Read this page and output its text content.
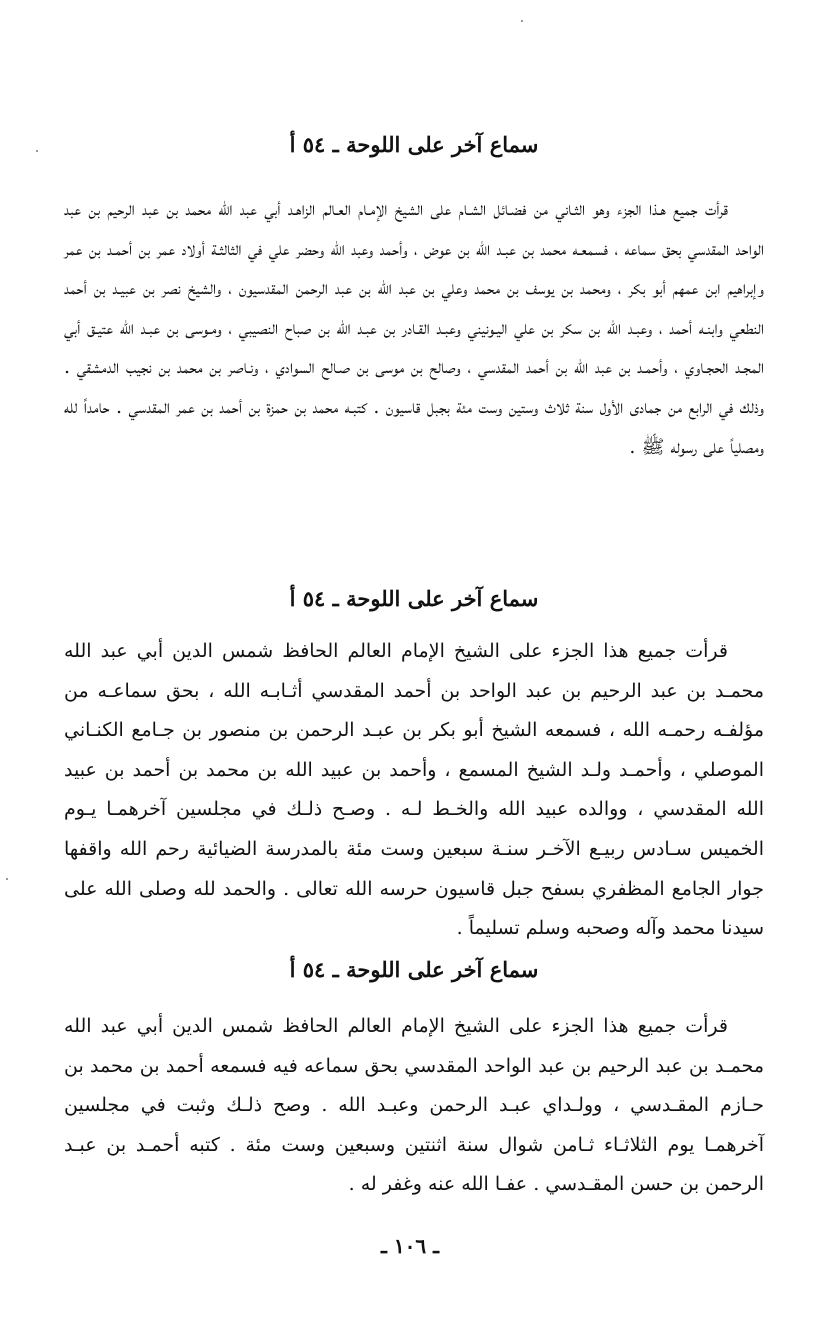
سماع آخر على اللوحة ـ ٥٤ أ

قرأت جميع هـذا الجزء وهو الثـاني من فضـائل الشـام على الشيخ الإمـام العـالم الزاهـد أبي عبد الله محمد بن عبد الرحيم بن عبد الواحد المقدسي بحق سماعه ، فسمعـه محمد بن عبـد الله بن عوض ، وأحمد وعبد الله وحضر علي في الثالثـة أولاد عمر بن أحمـد بن عمر وإبراهيم ابن عمهم أبو بكر ، ومحمد بن يوسف بن محمد وعلي بن عبد الله بن عبد الرحمن المقدسيون ، والشيخ نصر بن عبيـد بن أحمد النطعي وابنـه أحمد ، وعبـد الله بن سكر بن علي اليـونيني وعبـد القـادر بن عبـد الله بن صباح النصيبي ، ومـوسى بن عبـد الله عتيـق أبي المجـد الحجـاوي ، وأحمـد بن عبد الله بن أحمد المقدسي ، وصالح بن موسى بن صـالح السوادي ، ونـاصر بن محمد بن نجيب الدمشقي . وذلك في الرابع من جمادى الأول سنة ثلاث وستين وست مئة بجبل قاسيون . كتبـه محمد بن حمزة بن أحمد بن عمر المقدسي . حامداً لله ومصلياً على رسوله ﷺ .

سماع آخر على اللوحة ـ ٥٤ أ

قرأت جميع هذا الجزء على الشيخ الإمام العالم الحافظ شمس الدين أبي عبد الله محمـد بن عبد الرحيم بن عبد الواحد بن أحمد المقدسي أثـابـه الله ، بحق سماعـه من مؤلفـه رحمـه الله ، فسمعه الشيخ أبو بكر بن عبـد الرحمن بن منصور بن جـامع الكنـاني الموصلي ، وأحمـد ولـد الشيخ المسمع ، وأحمد بن عبيد الله بن محمد بن أحمد بن عبيد الله المقدسي ، ووالده عبيد الله والخـط لـه . وصـح ذلـك في مجلسين آخرهمـا يـوم الخميس سـادس ربيـع الآخـر سنـة سبعين وست مئة بالمدرسة الضيائية رحم الله واقفها جوار الجامع المظفري بسفح جبل قاسيون حرسه الله تعالى . والحمد لله وصلى الله على سيدنا محمد وآله وصحبه وسلم تسليماً .

سماع آخر على اللوحة ـ ٥٤ أ

قرأت جميع هذا الجزء على الشيخ الإمام العالم الحافظ شمس الدين أبي عبد الله محمـد بن عبد الرحيم بن عبد الواحد المقدسي بحق سماعه فيه فسمعه أحمد بن محمد بن حـازم المقـدسي ، وولـداي عبـد الرحمن وعبـد الله . وصح ذلـك وثبت في مجلسين آخرهمـا يوم الثلاثـاء ثـامن شوال سنة اثنتين وسبعين وست مئة . كتبه أحمـد بن عبـد الرحمن بن حسن المقـدسي . عفـا الله عنه وغفر له .

ـ ١٠٦ ـ
